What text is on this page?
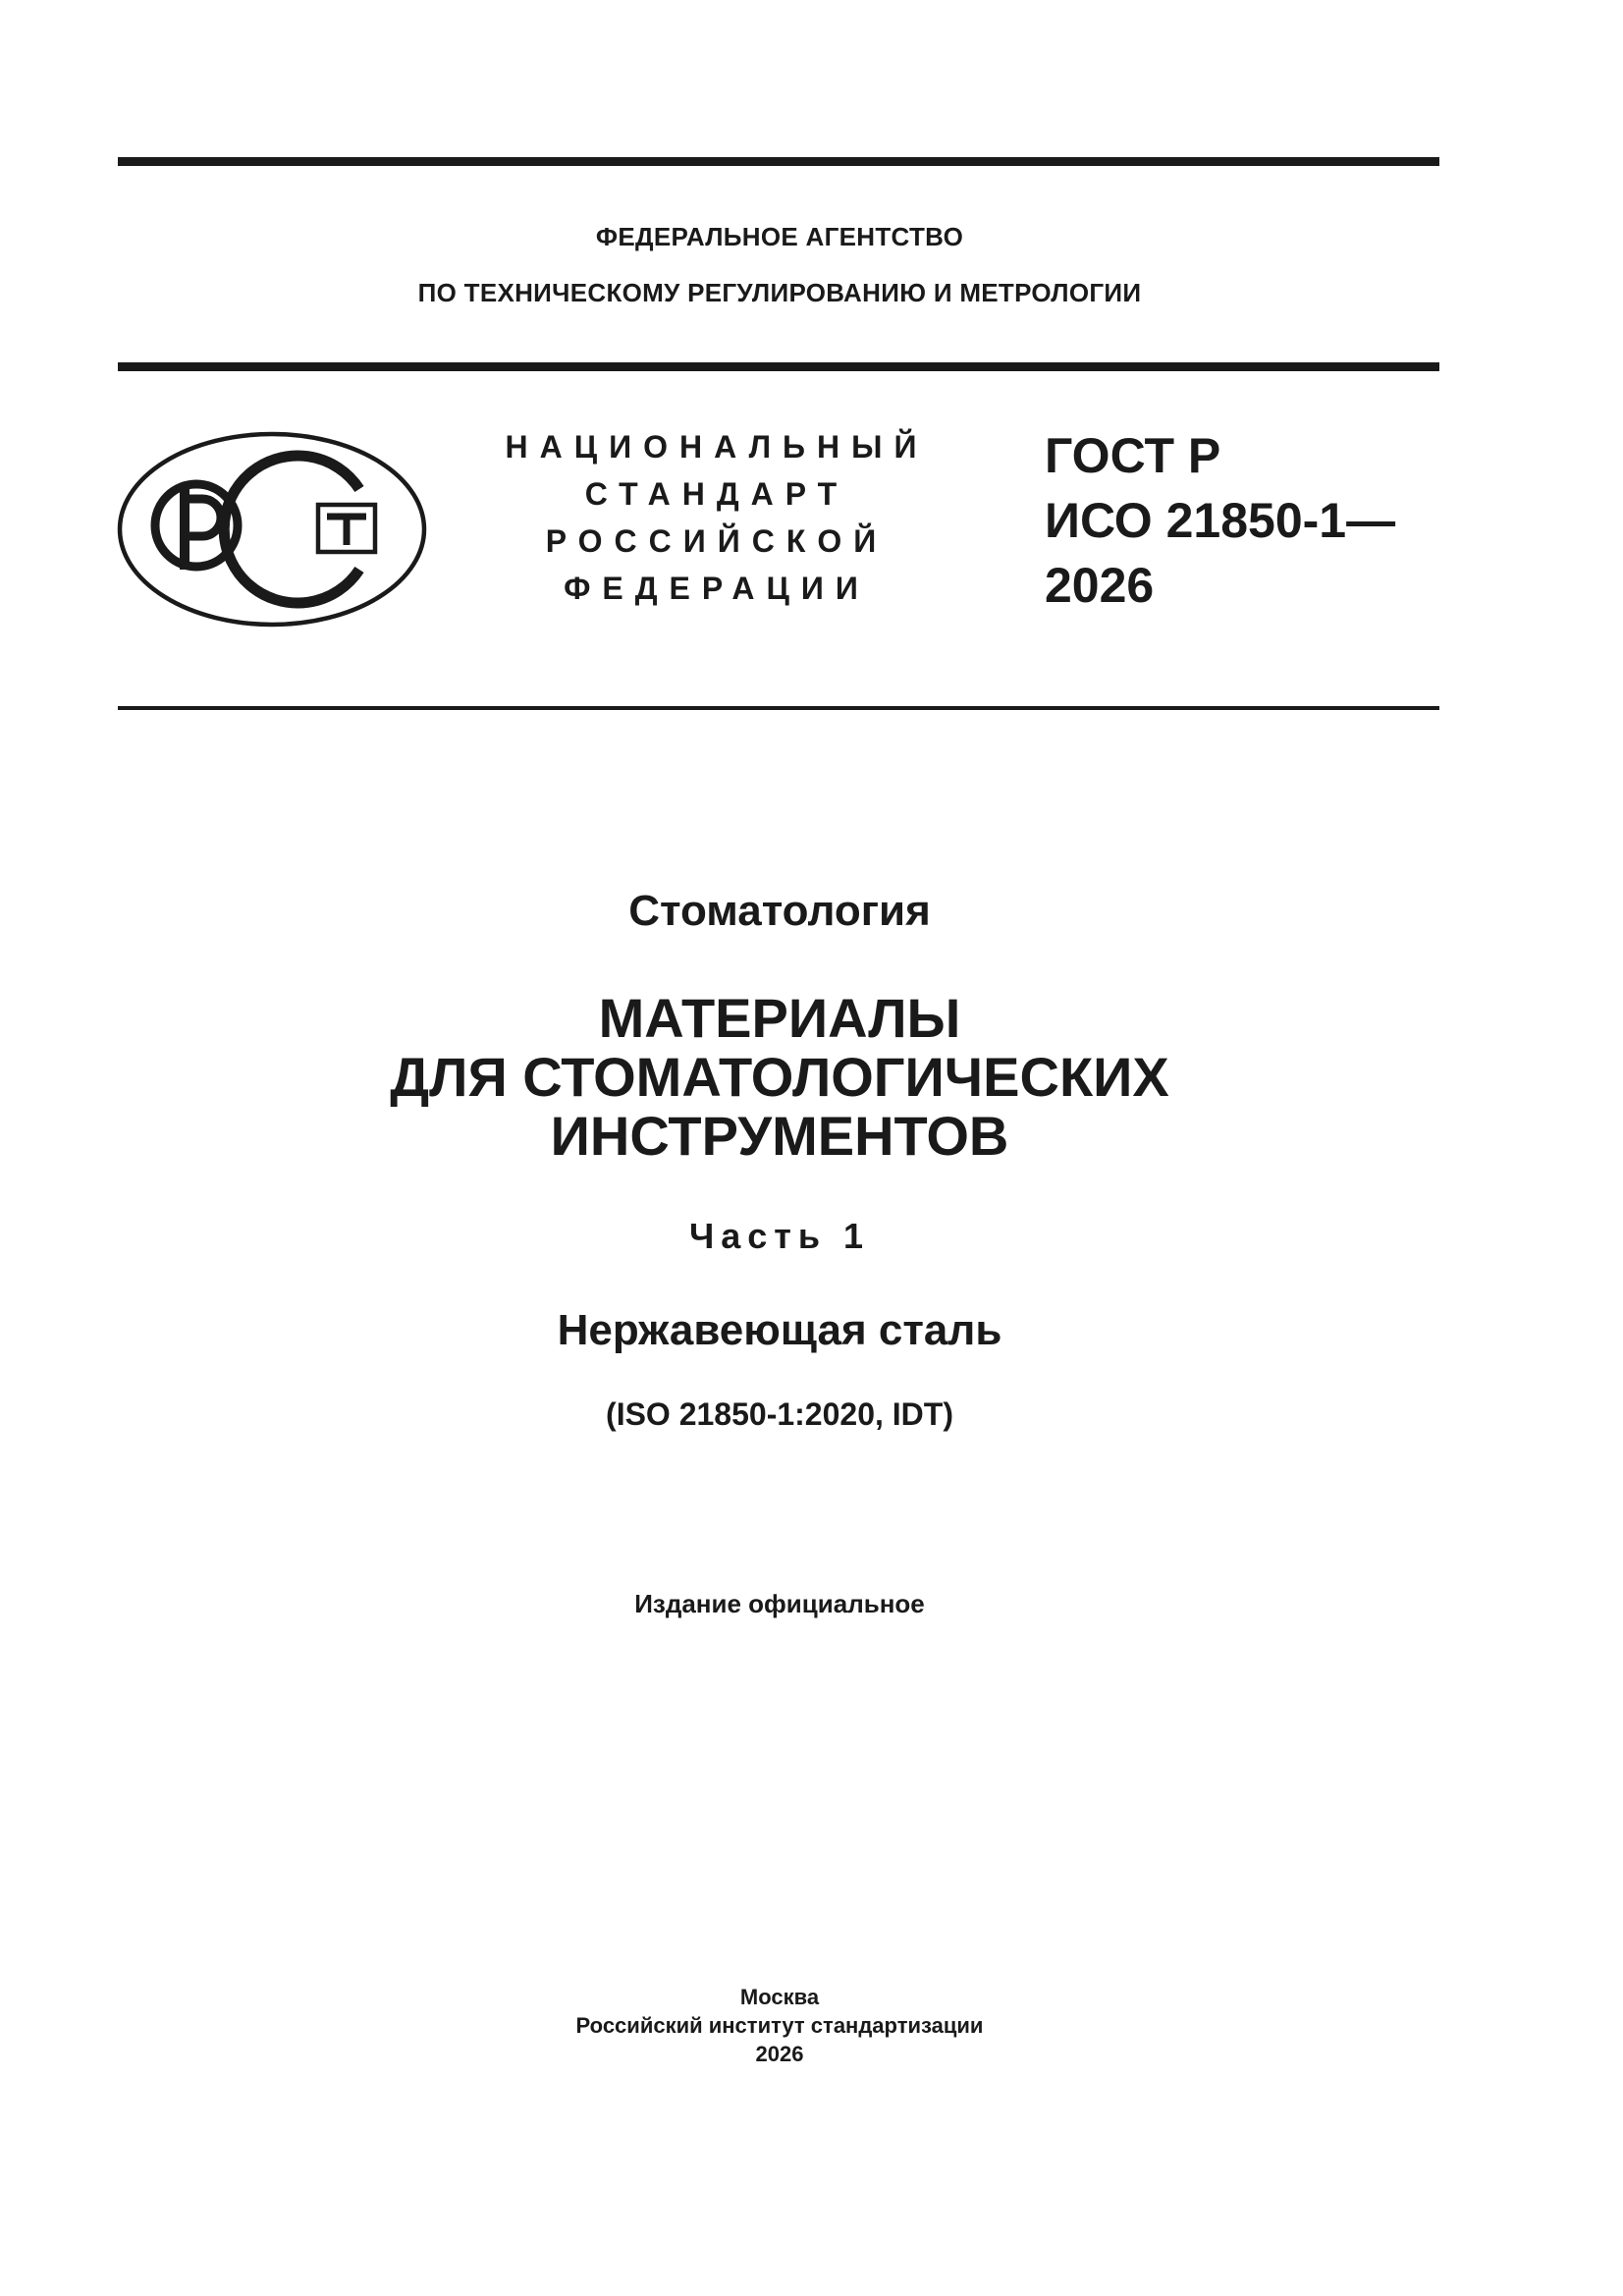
ФЕДЕРАЛЬНОЕ АГЕНТСТВО
ПО ТЕХНИЧЕСКОМУ РЕГУЛИРОВАНИЮ И МЕТРОЛОГИИ
НАЦИОНАЛЬНЫЙ
СТАНДАРТ
РОССИЙСКОЙ
ФЕДЕРАЦИИ
ГОСТ Р
ИСО 21850-1—
2026
Стоматология
МАТЕРИАЛЫ
ДЛЯ СТОМАТОЛОГИЧЕСКИХ
ИНСТРУМЕНТОВ
Часть 1
Нержавеющая сталь
(ISO 21850-1:2020, IDT)
Издание официальное
Москва
Российский институт стандартизации
2026
